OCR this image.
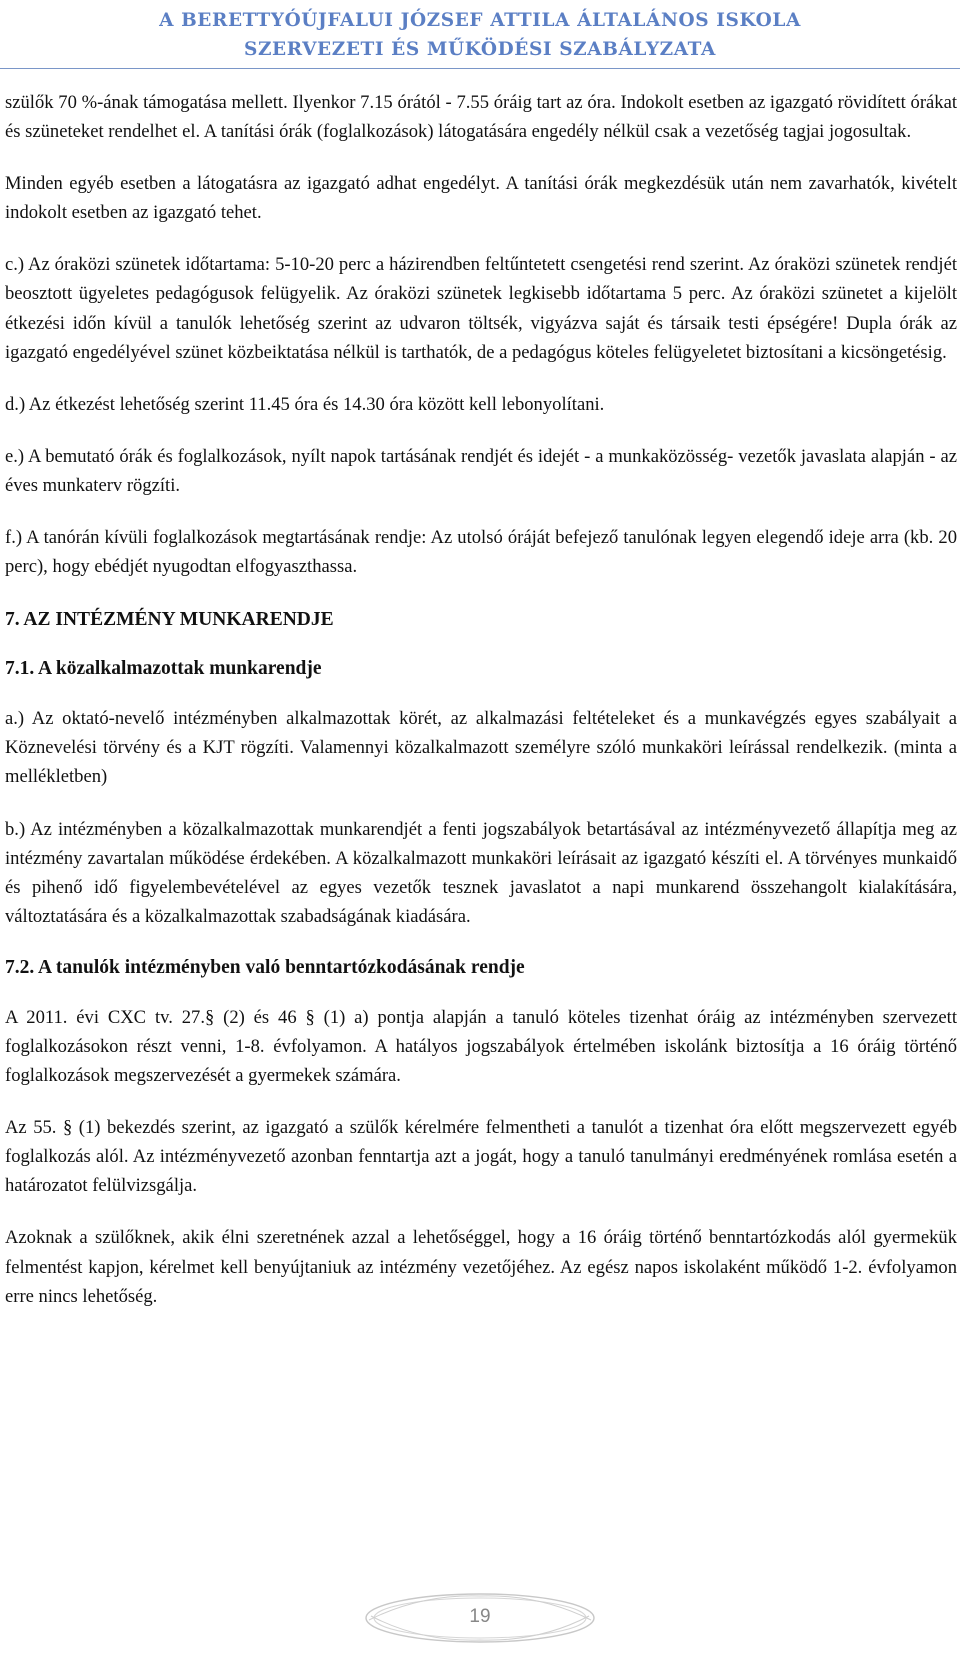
A BERETTYÓÚJFALUI JÓZSEF ATTILA ÁLTALÁNOS ISKOLA
SZERVEZETI ÉS MŰKÖDÉSI SZABÁLYZATA

szülők 70 %-ának támogatása mellett. Ilyenkor 7.15 órától - 7.55 óráig tart az óra. Indokolt esetben az igazgató rövidített órákat és szüneteket rendelhet el. A tanítási órák (foglalkozások) látogatására engedély nélkül csak a vezetőség tagjai jogosultak.

Minden egyéb esetben a látogatásra az igazgató adhat engedélyt. A tanítási órák megkezdésük után nem zavarhatók, kivételt indokolt esetben az igazgató tehet.

c.) Az óraközi szünetek időtartama: 5-10-20 perc a házirendben feltűntetett csengetési rend szerint. Az óraközi szünetek rendjét beosztott ügyeletes pedagógusok felügyelik. Az óraközi szünetek legkisebb időtartama 5 perc. Az óraközi szünetet a kijelölt étkezési időn kívül a tanulók lehetőség szerint az udvaron töltsék, vigyázva saját és társaik testi épségére! Dupla órák az igazgató engedélyével szünet közbeiktatása nélkül is tarthatók, de a pedagógus köteles felügyeletet biztosítani a kicsöngetésig.

d.) Az étkezést lehetőség szerint 11.45 óra és 14.30 óra között kell lebonyolítani.

e.) A bemutató órák és foglalkozások, nyílt napok tartásának rendjét és idejét - a munkaközösség- vezetők javaslata alapján - az éves munkaterv rögzíti.

f.) A tanórán kívüli foglalkozások megtartásának rendje: Az utolsó óráját befejező tanulónak legyen elegendő ideje arra (kb. 20 perc), hogy ebédjét nyugodtan elfogyaszthassa.

7. AZ INTÉZMÉNY MUNKARENDJE
7.1. A közalkalmazottak munkarendje

a.) Az oktató-nevelő intézményben alkalmazottak körét, az alkalmazási feltételeket és a munkavégzés egyes szabályait a Köznevelési törvény és a KJT rögzíti. Valamennyi közalkalmazott személyre szóló munkaköri leírással rendelkezik. (minta a mellékletben)

b.) Az intézményben a közalkalmazottak munkarendjét a fenti jogszabályok betartásával az intézményvezető állapítja meg az intézmény zavartalan működése érdekében. A közalkalmazott munkaköri leírásait az igazgató készíti el. A törvényes munkaidő és pihenő idő figyelembevételével az egyes vezetők tesznek javaslatot a napi munkarend összehangolt kialakítására, változtatására és a közalkalmazottak szabadságának kiadására.

7.2. A tanulók intézményben való benntartózkodásának rendje

A 2011. évi CXC tv. 27.§ (2) és 46 § (1) a) pontja alapján a tanuló köteles tizenhat óráig az intézményben szervezett foglalkozásokon részt venni, 1-8. évfolyamon. A hatályos jogszabályok értelmében iskolánk biztosítja a 16 óráig történő foglalkozások megszervezését a gyermekek számára.

Az 55. § (1) bekezdés szerint, az igazgató a szülők kérelmére felmentheti a tanulót a tizenhat óra előtt megszervezett egyéb foglalkozás alól. Az intézményvezető azonban fenntartja azt a jogát, hogy a tanuló tanulmányi eredményének romlása esetén a határozatot felülvizsgálja.

Azoknak a szülőknek, akik élni szeretnének azzal a lehetőséggel, hogy a 16 óráig történő benntartózkodás alól gyermekük felmentést kapjon, kérelmet kell benyújtaniuk az intézmény vezetőjéhez. Az egész napos iskolaként működő 1-2. évfolyamon erre nincs lehetőség.

19
